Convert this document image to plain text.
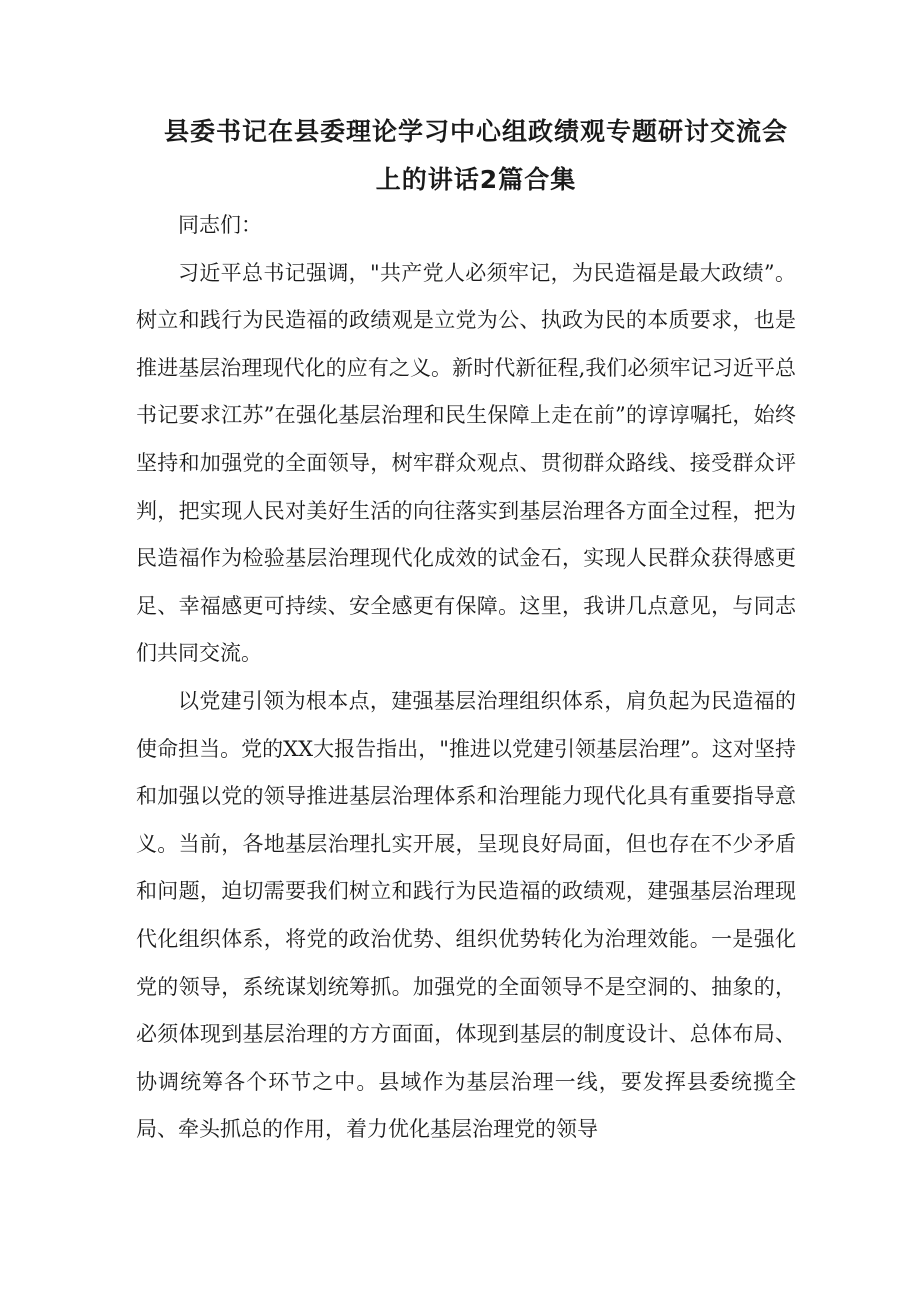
县委书记在县委理论学习中心组政绩观专题研讨交流会
上的讲话2篇合集

同志们：

习近平总书记强调，"共产党人必须牢记，为民造福是最大政绩”。树立和践行为民造福的政绩观是立党为公、执政为民的本质要求，也是推进基层治理现代化的应有之义。新时代新征程,我们必须牢记习近平总书记要求江苏”在强化基层治理和民生保障上走在前”的谆谆嘱托，始终坚持和加强党的全面领导，树牢群众观点、贯彻群众路线、接受群众评判，把实现人民对美好生活的向往落实到基层治理各方面全过程，把为民造福作为检验基层治理现代化成效的试金石，实现人民群众获得感更足、幸福感更可持续、安全感更有保障。这里，我讲几点意见，与同志们共同交流。

以党建引领为根本点，建强基层治理组织体系，肩负起为民造福的使命担当。党的XX大报告指出，"推进以党建引领基层治理”。这对坚持和加强以党的领导推进基层治理体系和治理能力现代化具有重要指导意义。当前，各地基层治理扎实开展，呈现良好局面，但也存在不少矛盾和问题，迫切需要我们树立和践行为民造福的政绩观，建强基层治理现代化组织体系，将党的政治优势、组织优势转化为治理效能。一是强化党的领导，系统谋划统筹抓。加强党的全面领导不是空洞的、抽象的，必须体现到基层治理的方方面面，体现到基层的制度设计、总体布局、协调统筹各个环节之中。县域作为基层治理一线，要发挥县委统揽全局、牵头抓总的作用，着力优化基层治理党的领导
